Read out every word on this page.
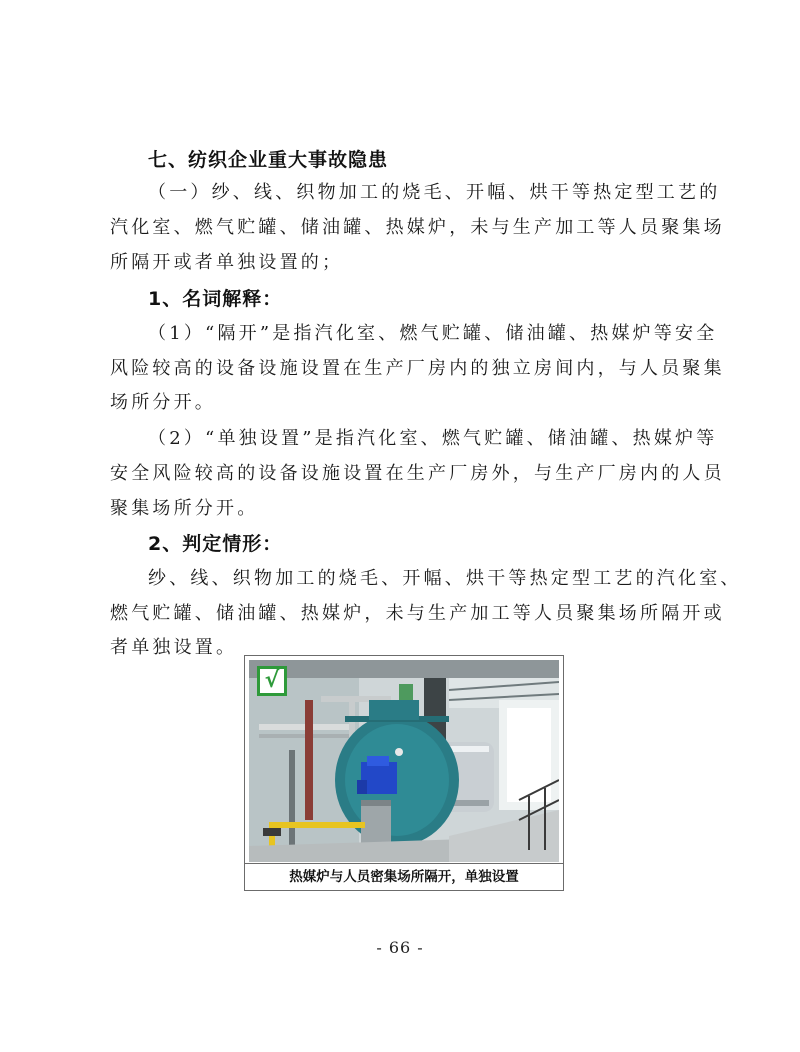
七、纺织企业重大事故隐患
（一）纱、线、织物加工的烧毛、开幅、烘干等热定型工艺的
汽化室、燃气贮罐、储油罐、热媒炉，未与生产加工等人员聚集场
所隔开或者单独设置的；
1、名词解释：
（1）“隔开”是指汽化室、燃气贮罐、储油罐、热媒炉等安全
风险较高的设备设施设置在生产厂房内的独立房间内，与人员聚集
场所分开。
（2）“单独设置”是指汽化室、燃气贮罐、储油罐、热媒炉等
安全风险较高的设备设施设置在生产厂房外，与生产厂房内的人员
聚集场所分开。
2、判定情形：
纱、线、织物加工的烧毛、开幅、烘干等热定型工艺的汽化室、
燃气贮罐、储油罐、热媒炉，未与生产加工等人员聚集场所隔开或
者单独设置。
√
热媒炉与人员密集场所隔开，单独设置
- 66 -
